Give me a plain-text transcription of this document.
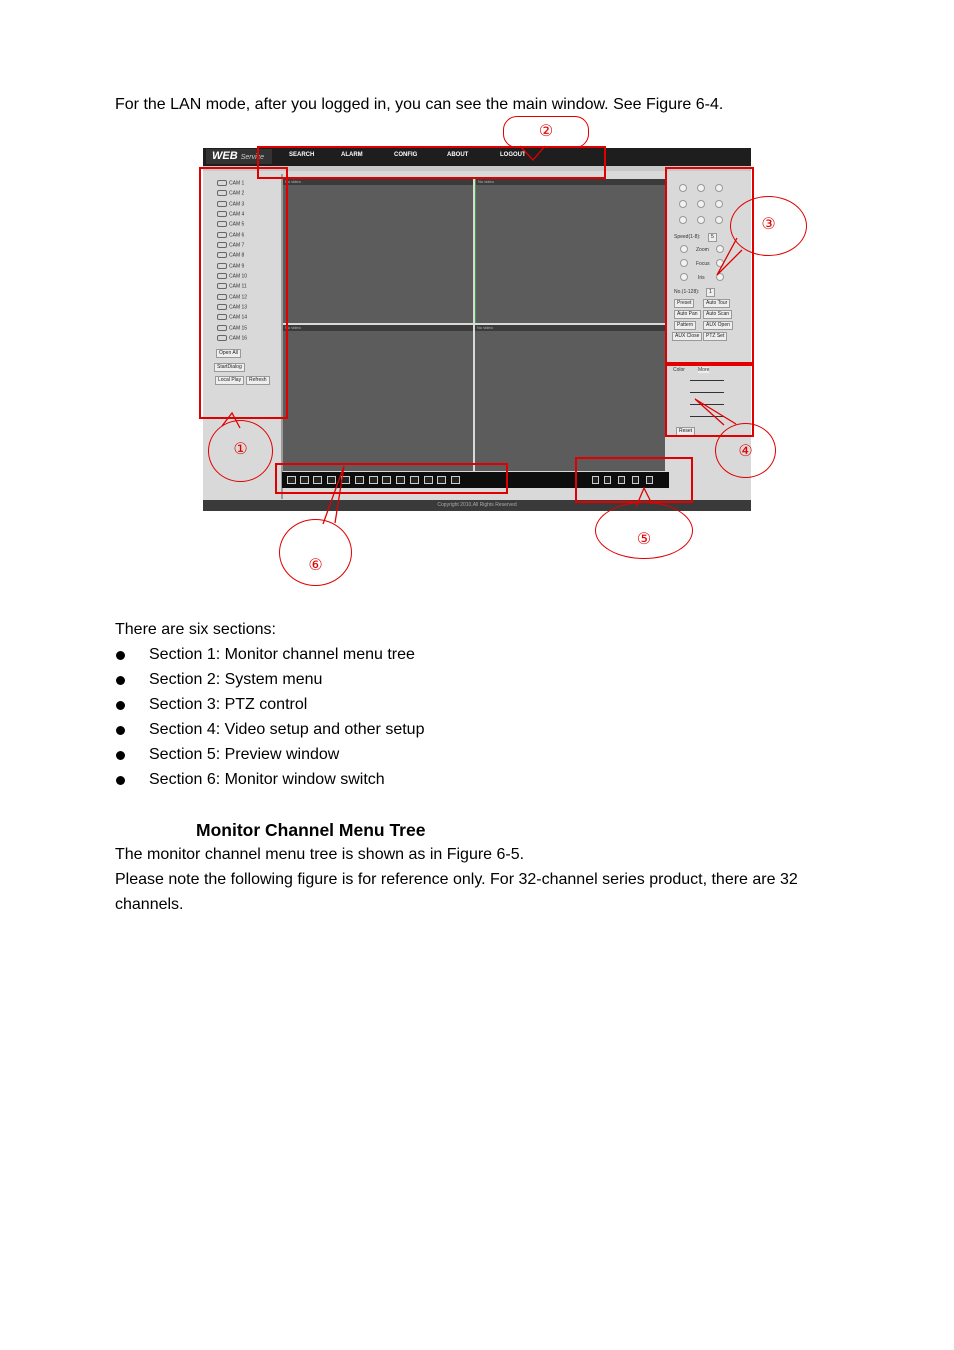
For the LAN mode, after you logged in, you can see the main window. See Figure 6-4.

WEB Service	SEARCH	ALARM	CONFIG	ABOUT	LOGOUT
CAM 1
CAM 2
CAM 3
CAM 4
CAM 5
CAM 6
CAM 7
CAM 8
CAM 9
CAM 10
CAM 11
CAM 12
CAM 13
CAM 14
CAM 15
CAM 16
Open All
StartDialog
Local Play	Refresh
No video	No video
No video	No video
Speed(1-8):	5
Zoom
Focus
Iris
No.(1-128):	1
Preset	Auto Tour
Auto Pan	Auto Scan
Pattern	AUX Open
AUX Close	PTZ Set
Color	More
Reset
Copyright 2010,All Rights Reserved
①
②
③
④
⑤
⑥

There are six sections:

Section 1: Monitor channel menu tree
Section 2: System menu
Section 3: PTZ control
Section 4: Video setup and other setup
Section 5: Preview window
Section 6: Monitor window switch
Monitor Channel Menu Tree

The monitor channel menu tree is shown as in Figure 6-5.

Please note the following figure is for reference only. For 32-channel series product, there are 32

channels.
